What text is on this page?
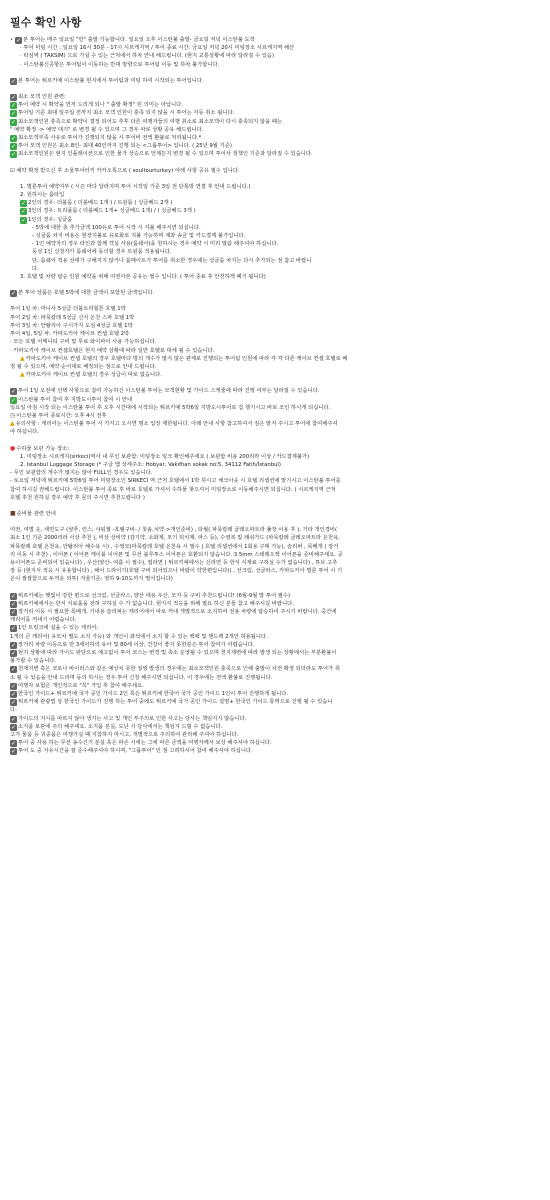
필수 확인 사항
• ✓ 본 투어는 매주 일요일 "만" 출발 가능합니다. 일요일 오후 이스탄불 출발- 금요일 저녁 이스탄불 도착
· 투어 미팅 시간 : 일요일 16시 30분 - 17시 시르케지역 / 투어 종료 시간: 금요일 저녁 20시 미팅장소 시르케지역 해산
· 탁심역 ( TAKSIM) 으로 가실 수 있는 근처에서 하차 안내 해드립니다. (현지 교통상황에 따라 달라질 수 있음)
· 이스탄불신공항은 투어팀이 이동하는 반대 방향으로 투어팀 이동 및 하차 불가합니다.
✓ 본 투어는 튀르키예 이스탄불 현지에서 투어팀과 미팅 하여 시작되는 투어입니다.
✓ 최소 모객 인원 관련:
✓ 투어 예약 시 확약을 먼저 드리게 되나 " 출발 확정" 된 의미는 아닙니다.
✓ 투어일 기준 최대 일주일 전까지 최소 모객 인원이 충족 되지 않을 시 투어는 자동 취소 됩니다.
✓ 최소모객인원 충족으로 확약이 결정 되어도 추후 다른 여행자들의 여행 취소로 최소모객이 다시 충족되지 않을 때는
" 예약 확정 -> 예약 대기" 로 변경 될 수 있으며 그 경우 따로 상황 공유 해드립니다.
✓ 최소모객부족 사유로 투어가 진행되지 않을 시 투어비 전액 환불로 처리됩니다.*
✓ 투어 모객 인원은 최소 8인- 최대 40인까지 진행 되는 <그룹투어> 입니다. ( 25년 9월 기준)
✓ 최소모객인원은 현지 인플레이션으로 인한 물가 상승으로 언제든지 변경 될 수 있으며 투어사 정책인 기준과 달라질 수 있습니다.
☑ 예약 확정 받으신 후 소울투어터키 카카오톡으로 ( soultourturkey) 아래 사항 공유 필수 입니다.
1. 벌룬투어 예약여부 ( 시즌 마다 달라지며 투어 시작일 기준 3일 전 단톡방 연결 후 안내 드립니다.)
2. 원하시는 룸타입
✓ 2인의 경우: 더블룸 ( 더블베드 1개 ) / 트윈룸 ( 싱글베드 2개 )
✓ 3인의 경우: 트리플룸 ( 더블베드 1개+ 싱글베드 1개) / ( 싱글베드 3개 )
✓ 1인의 경우: 싱글룸
- 5박에 대한 총 추가금액 100유로 투어 시작 시 지불 해주시면 되십니다.
- 싱글룸 차지 비용은 현장지불로 유로화로 지불 가능하며 계좌 송금 및 카드결제 불가입니다.
- 1인 예약자의 경우 타인과 함께 객실 사용(룸쉐어)을 원하시는 경우 예약 시 미리 말씀 해주셔야 하십니다.
동성 1인 신청자가 룸쉐어에 동의할 경우 트윈룸 적용됩니다.
단, 룸쉐어 적용 상대가 구해지지 않거나 룸메이트가 투어를 취소한 경우에는 싱글룸 차지는 다시 추가되는 점 참고 바랍니
다.
3. 호텔 및 차량 탑승 인원 예약을 위해 여권사본 공유는 필수 입니다. ( 투어 종료 후 안전하게 폐기 됩니다)
✓ 본 투어 상품은 호텔 5박에 대한 금액이 포함된 금액입니다.
투어 1일 차: 마니사 5성급 더블트리힐튼 호텔 1박
투어 2일 차: 파묵칼레 5성급 신식 온천 스파 호텔 1박
투어 3일 차: 안탈리아 구시가지 도심 4성급 호텔 1박
투어 4일, 5일 차: 카파도키아 케이브 컨셉 호텔 2박
· 모든 호텔 어메니티 구비 및 무료 와이파이 사용 가능하십니다.
· 카파도키아 케이브 컨셉호텔은 현지 예약 상황에 따라 일반 호텔로 대체 될 수 있습니다.
▲카파도키아 케이브 컨셉 호텔의 경우 호텔마다 방의 개수가 많지 않은 관계로 진행되는 투어팀 인원에 따라 각 각 다른 케이브 컨셉 호텔로 배
정 될 수 있으며, 예약 순서대로 배정되는 점으로 안내 드립니다.
▲카파도키아 케이브 컨셉 호텔의 경우 성급이 따로 없습니다.
✓ 투어 1일 오전에 선택 사항으로 참여 가능하신 이스탄불 투어는 모객현황 및 가이드 스케줄에 따라 진행 여부는 달라질 수 있습니다.
✓ 이스탄불 투어 참여 후 지방도시투어 참여 시 안내
일요일 아침 시작 되는 이스탄불 투어 후 오후 시간대에 시작되는 튀르키예 5박6일 지방도시투어로 집 챙기시고 바로 조인 하시게 되십니다.
◷이스탄불 투어 종료시간: 오후 4시 전후
▲유의사항 : 캐리어는 이스탄불 투어 시 가지고 오시면 명소 입장 제한됩니다. 아래 안내 사항 참고하셔서 짐은 맡겨 주시고 투어에 참여해주셔
야 하십니다.
●수하물 보관 가능 장소:
1. 미팅장소 시르케지(sirkeci)역사 내 무인 보관함: 미팅장소 링크 확인해주세요 ( 보관함 비용 200리라 이상 / 카드결제불가)
2. Istanbul Luggage Storage (* 구글 맵 상세주소: Hobyar, Vakıfhan sokak no:5, 34112 Fatih/İstanbul)
- 무인 보관함의 개수가 많지는 않아 FULL인 경우도 있습니다.
- 토요일 저녁에 튀르키예 5박6일 투어 미팅장소인 SIRKECI 역 근처 호텔에서 1박 하시고 체크아웃 시 호텔 리셉션에 맡기시고 이스탄불 투어를
참여 하시길 권해드립니다. 이스탄불 투어 종료 후 바로 호텔로 가셔서 수하물 찾으셔서 미팅장소로 이동해주시면 되십니다. ( 시르케지역 근처
호텔 추천 원하실 경우 예약 후 문의 주시면 추천드립니다 )
■준비물 관련 안내
여권, 여벌 옷, 세면도구 (샴푸, 린스, 샤워젤 -호텔구비- / 칫솔,치약->개인준비) , 타월( 파묵칼레 클레오파트라 풀장 이용 후 ), 기타 개인경비(
최소 1인 기준 2000리라 이상 추천 ), 비상 상비약 (감기약, 소화제, 모기 퇴치제, 파스 등), 수영복 및 래쉬가드 (파묵칼레 클레오파트라 온천욕,
파묵칼레 호텔 온천욕, 안탈리아 해수욕 시) , 수영모(파묵칼레 호텔 온천욕 시 필수 | 호텔 리셉션에서 1회용 구매 가능), 슬리퍼 , 목베개 ( 장거
리 이동 시 추천) , 이어폰 ( 이어폰 케이블 이어폰 및 무선 블루투스 이어폰은 호환되지 않습니다. 3.5mm 스테레오잭 이어폰을 준비해주세요. 공
용이어폰도 준비되어 있습니다) , 우산(양산- 여름 시 필수), 컵라면 ( 튀르키예에서는 신라면 등 한식 식재료 구하실 수가 없습니다) , 튜브 고추
장 등 (현지식 적응 시 유용합니다) , 헤어 드라이기(호텔 구비 되어있으나 바람이 약한편입니다)) , 선크림, 선글라스, 카파도키아 벌룬 투어 시 기
온이 쌀쌀함으로 두꺼운 외투( 겨울기준: 영하 9-10도까지 떨어집니다)
✓ 튀르키예는 햇빛이 강한 편으로 선크림, 선글라스, 양산 대용 우산, 모자 등 구비 추천드립니다! (6월-9월 말 투어 필수)
✓ 튀르키예에서는 한식 식료품을 전혀 구하실 수 가 없습니다. 현지식 적응을 위해 필요 하신 분들 참고 해주시길 바랍니다.
✓ 장거리 이동 시 필요한 목베개, 기내용 슬리퍼는 캐리어에서 따로 꺼내 개별적으로 소지하여 전용 차량에 탑승하여 주시기 바랍니다. 중간에
캐리어를 꺼내기 어렵습니다.
✓ 1인 트렁크에 실을 수 있는 캐리어:
1개의 큰 캐리어( 유모차 별도 소지 가능) 와 개인이 좌석에서 소지 할 수 있는 백팩 및 핸드백 2개만 허용됩니다.
✓ 장거리 차량 이동으로 만 3세이하의 유아 및 80세 이상, 건강이 좋지 못한분은 투어 참여가 어렵습니다.
✓ 현지 상황에 따라 가이드 판단으로 예고없이 투어 코스는 변경 및 축소 운영될 수 있으며 천지재변에 따라 발생 되는 상황에서는 부분환불이
불가할 수 있습니다.
✓ 천재지변 혹은 코로나 바이러스와 같은 예상치 못한 질병 발생의 경우에는 최소모객인원 충족으로 인해 출발이 사전 확정 되더라도 투어가 취
소 될 수 있음을 안내 드리며 동의 하시는 경우 투어 신청 해주시면 되십니다. 이 경우에는 전액 환불로 진행됩니다.
✓ 여행자 보험은 개인적으로 "꼭" 가입 후 참여 해주세요.
✓ 한국인 가이드+ 튀르키예 국가 공인 가이드 2인 혹은 튀르키예 한국어 국가 공인 가이드 1인이 투어 진행하게 됩니다.
✓ 튀르키예 관광법 상 한국인 가이드가 진행 하는 투어 중에도 튀르키예 국가 공인 가이드 설명+ 한국인 가이드 통역으로 진행 될 수 있습니
다.
✓ 가이드의 지시를 따르지 않아 생기는 사고 및 개인 부주의로 인한 사고는 당사는 책임지지 않습니다.
✓ 소지품 보관에 주의 해주세요. 소지품 분실, 도난 시 당사에서는 책임지 드릴 수 없습니다.
고가 물품 등 귀중품은 여행가실 때 지참하지 마시고, 개별적으로 주의하여 관리해 주셔야 하십니다.
✓ 투어 중 사용 하는 무선 송수긴기 분실 혹은 파손 시에는 그에 따른 금액을 여행자께서 보상 해주셔야 하십니다.
✓ 투어 도 중 자유시간을 잘 준수해주셔야 하시며, "그룹투어" 인 점 고려하시어 참여 해주셔야 하십니다.
